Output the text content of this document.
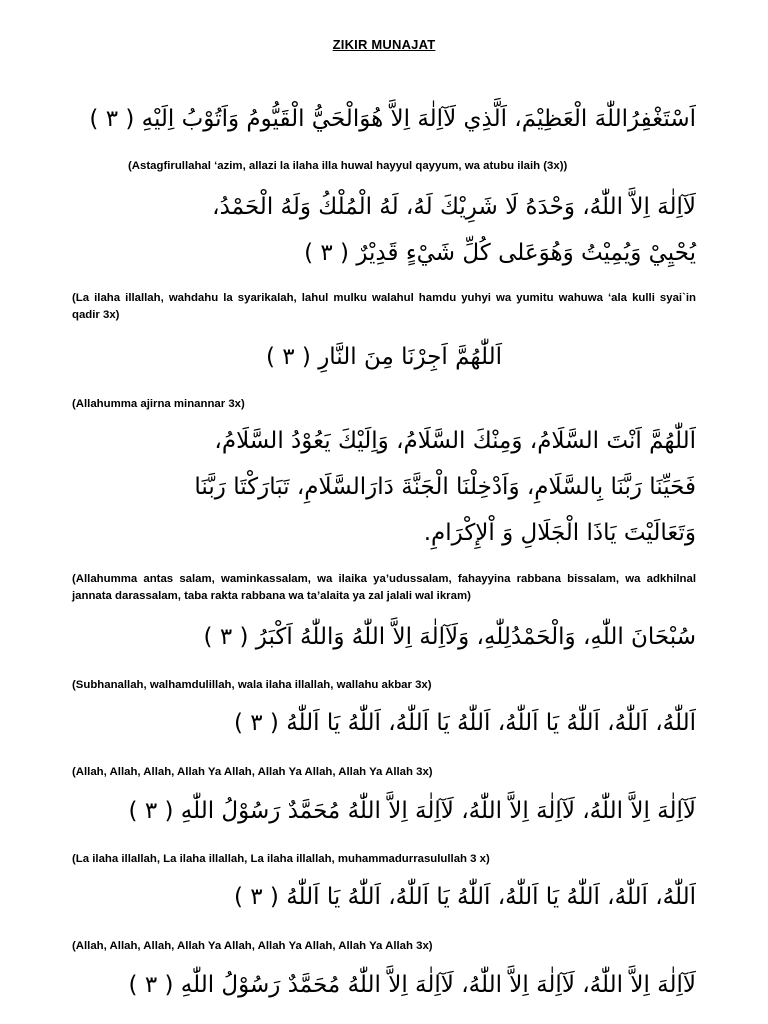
ZIKIR MUNAJAT
اَسْتَغْفِرُاللّٰهَ الْعَظِيْمَ، اَلَّذِي لَآاِلٰهَ اِلاَّ هُوَالْحَيُّ الْقَيُّومُ وَاَتُوْبُ اِلَيْهِ ( ٣ )
(Astagfirullahal ‘azim, allazi la ilaha illa huwal hayyul qayyum, wa atubu ilaih (3x))
لَآاِلٰهَ اِلاَّ اللّٰهُ، وَحْدَهُ لَا شَرِيْكَ لَهُ، لَهُ الْمُلْكُ وَلَهُ الْحَمْدُ،
يُحْيِيْ وَيُمِيْتُ وَهُوَعَلى كُلِّ شَيْءٍ قَدِيْرٌ ( ٣ )
(La ilaha illallah, wahdahu la syarikalah, lahul mulku walahul hamdu yuhyi wa yumitu wahuwa ‘ala kulli syai`in qadir 3x)
اَللّٰهُمَّ اَجِرْنَا مِنَ النَّارِ ( ٣ )
(Allahumma ajirna minannar 3x)
اَللّٰهُمَّ اَنْتَ السَّلَامُ، وَمِنْكَ السَّلَامُ، وَاِلَيْكَ يَعُوْدُ السَّلَامُ،
فَحَيِّنَا رَبَّنَا بِالسَّلَامِ، وَاَدْخِلْنَا الْجَنَّةَ دَارَالسَّلَامِ، تَبَارَكْتَا رَبَّنَا
وَتَعَالَيْتَ يَاذَا الْجَلَالِ وَ اْلإِكْرَامِ.
(Allahumma antas salam, waminkassalam, wa ilaika ya’udussalam, fahayyina rabbana bissalam, wa adkhilnal jannata darassalam, taba rakta rabbana wa ta’alaita ya zal jalali wal ikram)
سُبْحَانَ اللّٰهِ، وَالْحَمْدُلِلّٰهِ، وَلَآاِلٰهَ اِلاَّ اللّٰهُ وَاللّٰهُ اَكْبَرُ ( ٣ )
(Subhanallah, walhamdulillah, wala ilaha illallah, wallahu akbar 3x)
اَللّٰهُ، اَللّٰهُ، اَللّٰهُ يَا اَللّٰهُ، اَللّٰهُ يَا اَللّٰهُ، اَللّٰهُ يَا اَللّٰهُ ( ٣ )
(Allah, Allah, Allah, Allah Ya Allah, Allah Ya Allah, Allah Ya Allah 3x)
لَآاِلٰهَ اِلاَّ اللّٰهُ، لَآاِلٰهَ اِلاَّ اللّٰهُ، لَآاِلٰهَ اِلاَّ اللّٰهُ مُحَمَّدٌ رَسُوْلُ اللّٰهِ ( ٣ )
(La ilaha illallah, La ilaha illallah, La ilaha illallah, muhammadurrasulullah 3 x)
اَللّٰهُ، اَللّٰهُ، اَللّٰهُ يَا اَللّٰهُ، اَللّٰهُ يَا اَللّٰهُ، اَللّٰهُ يَا اَللّٰهُ ( ٣ )
(Allah, Allah, Allah, Allah Ya Allah, Allah Ya Allah, Allah Ya Allah 3x)
لَآاِلٰهَ اِلاَّ اللّٰهُ، لَآاِلٰهَ اِلاَّ اللّٰهُ، لَآاِلٰهَ اِلاَّ اللّٰهُ مُحَمَّدٌ رَسُوْلُ اللّٰهِ ( ٣ )
